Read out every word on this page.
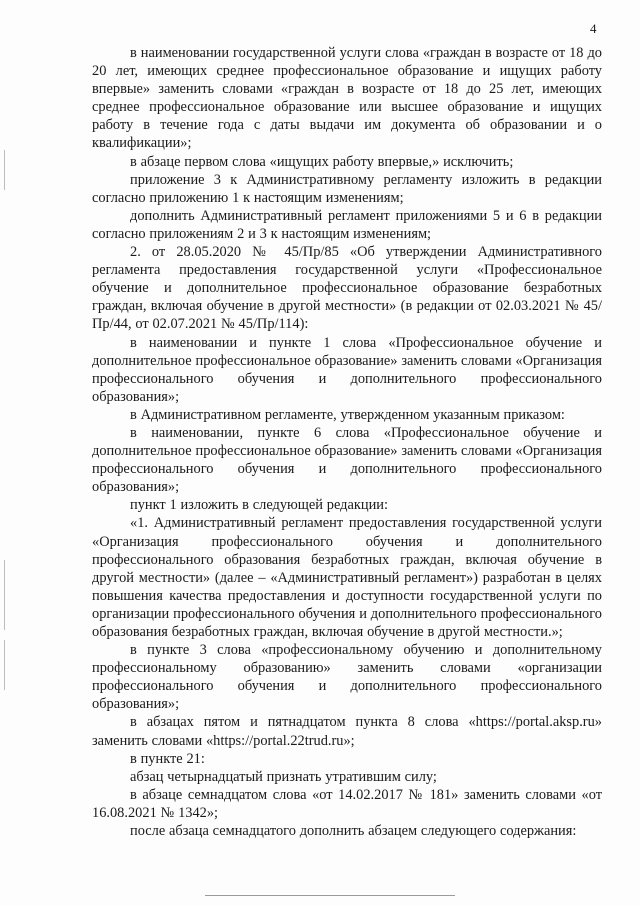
4

в наименовании государственной услуги слова «граждан в возрасте от 18 до 20 лет, имеющих среднее профессиональное образование и ищущих работу впервые» заменить словами «граждан в возрасте от 18 до 25 лет, имеющих среднее профессиональное образование или высшее образование и ищущих работу в течение года с даты выдачи им документа об образовании и о квалификации»;

в абзаце первом слова «ищущих работу впервые,» исключить;

приложение 3 к Административному регламенту изложить в редакции согласно приложению 1 к настоящим изменениям;

дополнить Административный регламент приложениями 5 и 6 в редакции согласно приложениям 2 и 3 к настоящим изменениям;

2. от 28.05.2020 № 45/Пр/85 «Об утверждении Административного регламента предоставления государственной услуги «Профессиональное обучение и дополнительное профессиональное образование безработных граждан, включая обучение в другой местности» (в редакции от 02.03.2021 № 45/Пр/44, от 02.07.2021 № 45/Пр/114):

в наименовании и пункте 1 слова «Профессиональное обучение и дополнительное профессиональное образование» заменить словами «Организация профессионального обучения и дополнительного профессионального образования»;

в Административном регламенте, утвержденном указанным приказом:

в наименовании, пункте 6 слова «Профессиональное обучение и дополнительное профессиональное образование» заменить словами «Организация профессионального обучения и дополнительного профессионального образования»;

пункт 1 изложить в следующей редакции:

«1. Административный регламент предоставления государственной услуги «Организация профессионального обучения и дополнительного профессионального образования безработных граждан, включая обучение в другой местности» (далее – «Административный регламент») разработан в целях повышения качества предоставления и доступности государственной услуги по организации профессионального обучения и дополнительного профессионального образования безработных граждан, включая обучение в другой местности.»;

в пункте 3 слова «профессиональному обучению и дополнительному профессиональному образованию» заменить словами «организации профессионального обучения и дополнительного профессионального образования»;

в абзацах пятом и пятнадцатом пункта 8 слова «https://portal.aksp.ru» заменить словами «https://portal.22trud.ru»;

в пункте 21:

абзац четырнадцатый признать утратившим силу;

в абзаце семнадцатом слова «от 14.02.2017 № 181» заменить словами «от 16.08.2021 № 1342»;

после абзаца семнадцатого дополнить абзацем следующего содержания:
